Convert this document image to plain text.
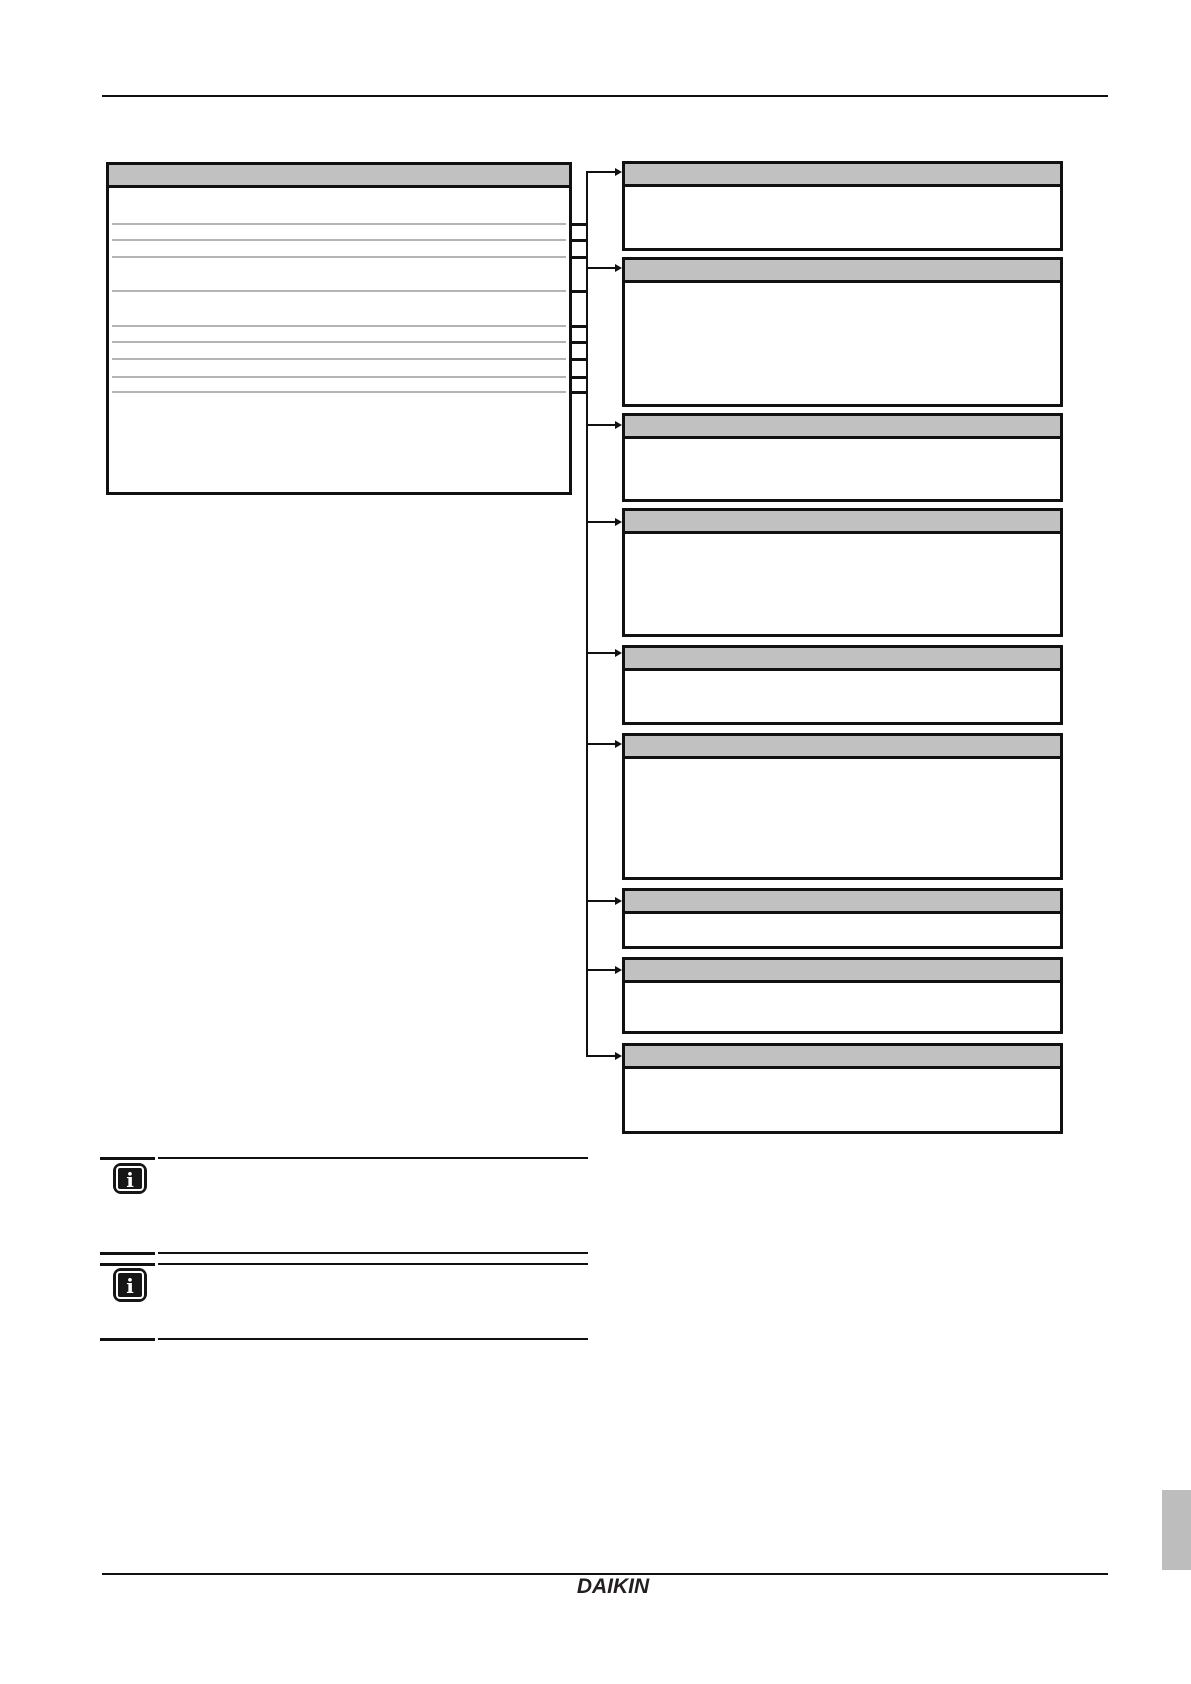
i
i
DAIKIN
